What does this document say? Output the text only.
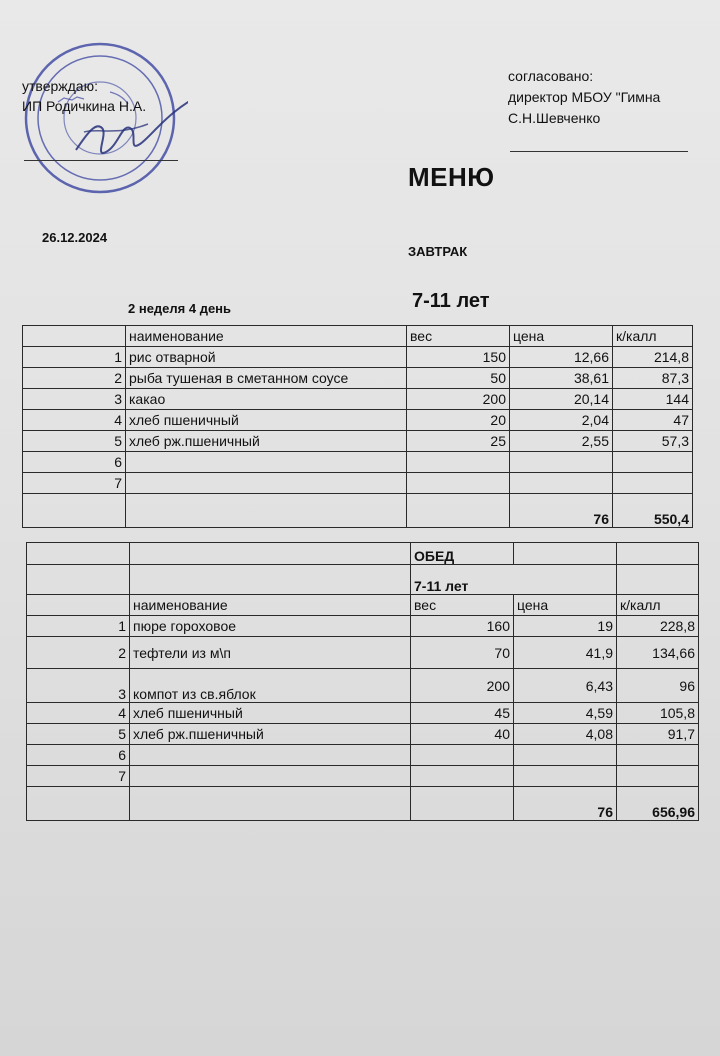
утверждаю:
ИП Родичкина Н.А.
согласовано:
директор МБОУ "Гимна
С.Н.Шевченко
МЕНЮ
26.12.2024
ЗАВТРАК
2 неделя 4 день	7-11 лет
	наименование	вес	цена	к/калл
1	рис отварной	150	12,66	214,8
2	рыба тушеная в сметанном соусе	50	38,61	87,3
3	какао	200	20,14	144
4	хлеб пшеничный	20	2,04	47
5	хлеб рж.пшеничный	25	2,55	57,3
6				
7				
			76	550,4
		ОБЕД		
		7-11 лет		
	наименование	вес	цена	к/калл
1	пюре гороховое	160	19	228,8
2	тефтели из м\п	70	41,9	134,66
3	компот из св.яблок	200	6,43	96
4	хлеб пшеничный	45	4,59	105,8
5	хлеб рж.пшеничный	40	4,08	91,7
6				
7				
			76	656,96
